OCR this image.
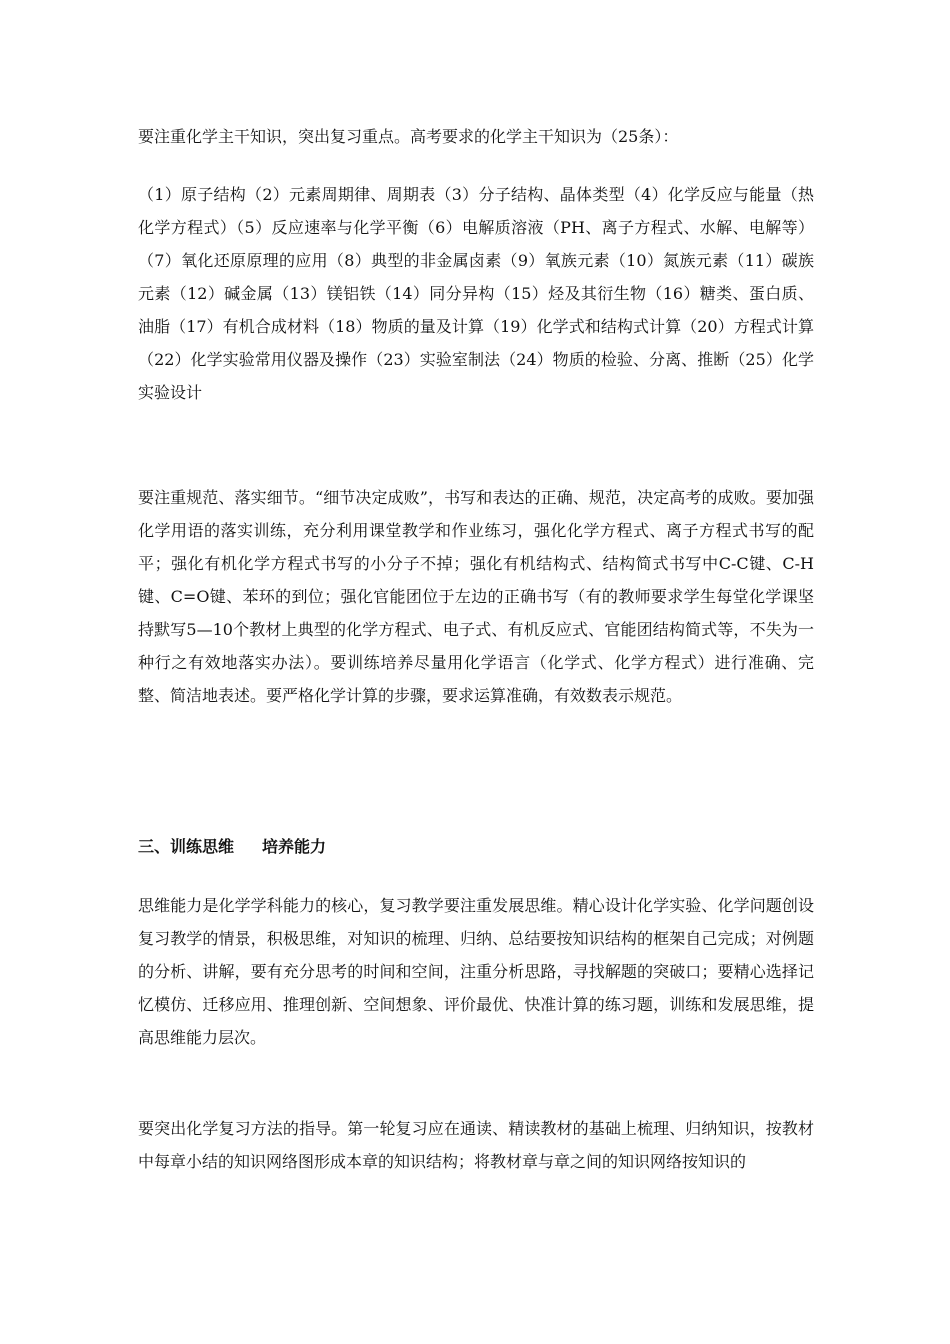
要注重化学主干知识，突出复习重点。高考要求的化学主干知识为（25条）：

（1）原子结构（2）元素周期律、周期表（3）分子结构、晶体类型（4）化学反应与能量（热化学方程式）（5）反应速率与化学平衡（6）电解质溶液（PH、离子方程式、水解、电解等）（7）氧化还原原理的应用（8）典型的非金属卤素（9）氧族元素（10）氮族元素（11）碳族元素（12）碱金属（13）镁铝铁（14）同分异构（15）烃及其衍生物（16）糖类、蛋白质、油脂（17）有机合成材料（18）物质的量及计算（19）化学式和结构式计算（20）方程式计算（22）化学实验常用仪器及操作（23）实验室制法（24）物质的检验、分离、推断（25）化学实验设计

要注重规范、落实细节。“细节决定成败”，书写和表达的正确、规范，决定高考的成败。要加强化学用语的落实训练，充分利用课堂教学和作业练习，强化化学方程式、离子方程式书写的配平；强化有机化学方程式书写的小分子不掉；强化有机结构式、结构简式书写中C-C键、C-H 键、C=O键、苯环的到位；强化官能团位于左边的正确书写（有的教师要求学生每堂化学课坚持默写5—10个教材上典型的化学方程式、电子式、有机反应式、官能团结构简式等，不失为一种行之有效地落实办法）。要训练培养尽量用化学语言（化学式、化学方程式）进行准确、完整、简洁地表述。要严格化学计算的步骤，要求运算准确，有效数表示规范。

三、训练思维 培养能力

思维能力是化学学科能力的核心，复习教学要注重发展思维。精心设计化学实验、化学问题创设复习教学的情景，积极思维，对知识的梳理、归纳、总结要按知识结构的框架自己完成；对例题的分析、讲解，要有充分思考的时间和空间，注重分析思路，寻找解题的突破口；要精心选择记忆模仿、迁移应用、推理创新、空间想象、评价最优、快准计算的练习题，训练和发展思维，提高思维能力层次。

要突出化学复习方法的指导。第一轮复习应在通读、精读教材的基础上梳理、归纳知识，按教材中每章小结的知识网络图形成本章的知识结构；将教材章与章之间的知识网络按知识的
